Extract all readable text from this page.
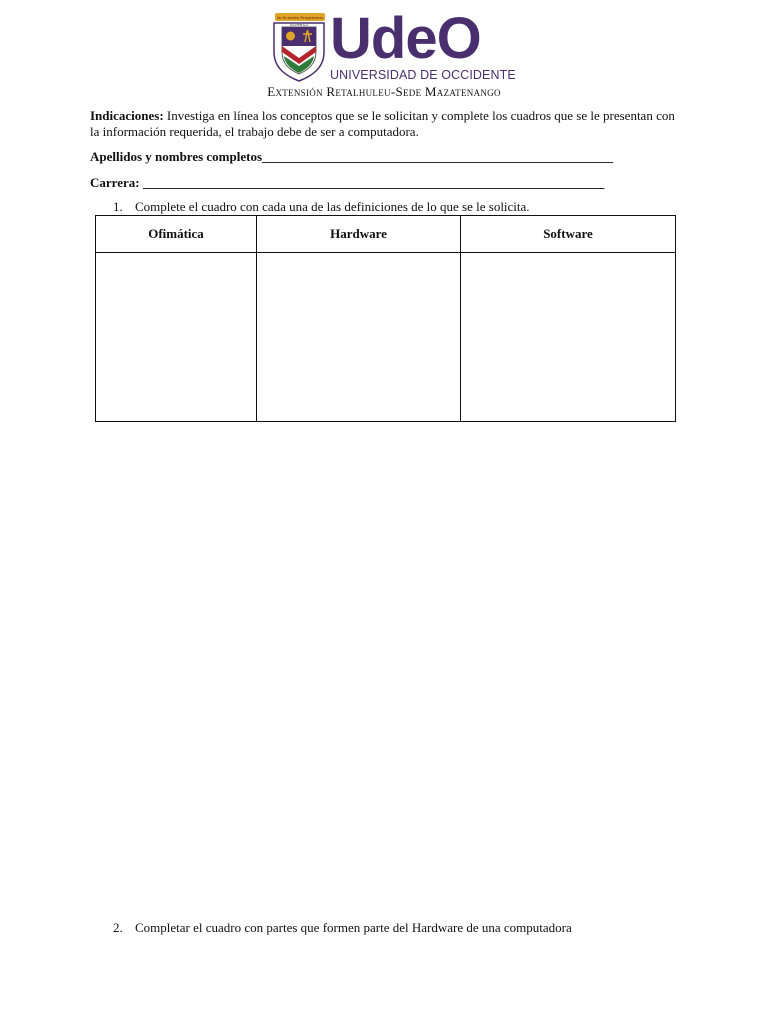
In Scientia Progressus
GUATEMALA UdeO
UNIVERSIDAD DE OCCIDENTE
Extensión Retalhuleu-Sede Mazatenango
Indicaciones: Investiga en línea los conceptos que se le solicitan y complete los cuadros que se le presentan con la información requerida, el trabajo debe de ser a computadora.
Apellidos y nombres completos______________________________________________________
Carrera: _______________________________________________________________________
1. Complete el cuadro con cada una de las definiciones de lo que se le solicita.
Ofimática	Hardware	Software

2. Completar el cuadro con partes que formen parte del Hardware de una computadora
